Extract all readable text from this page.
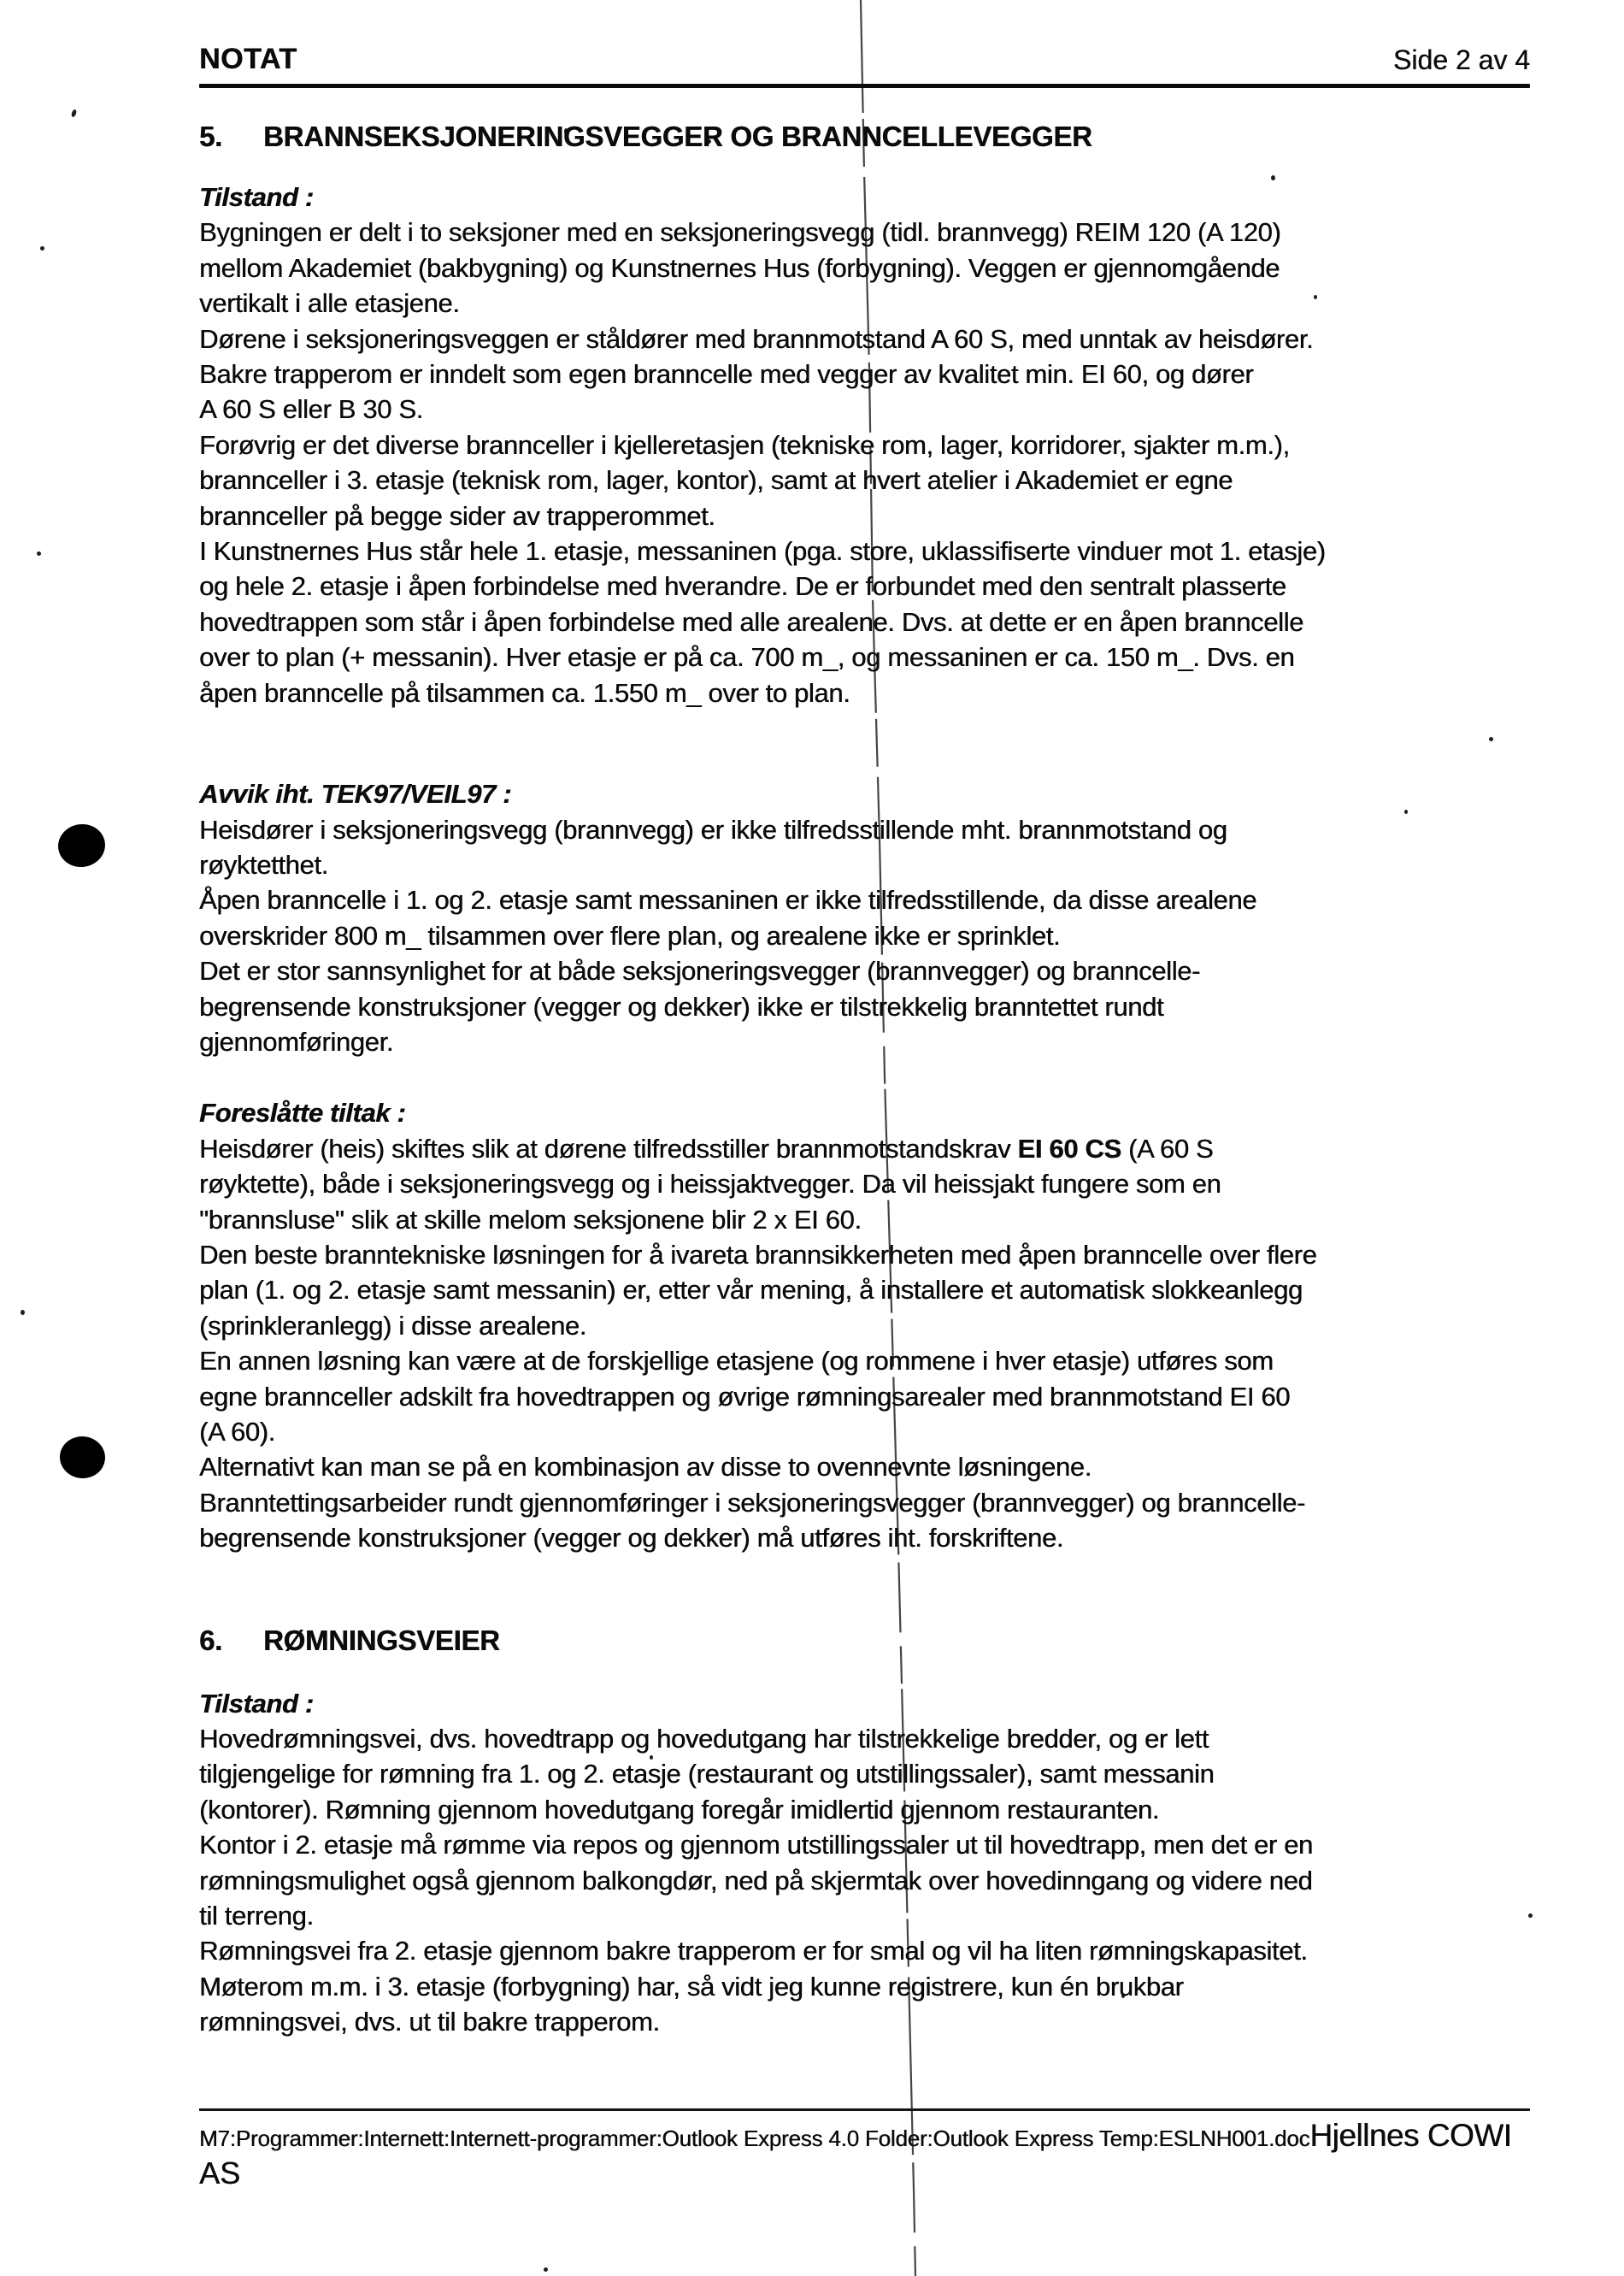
NOTAT	Side 2 av 4
5.	BRANNSEKSJONERINGSVEGGER OG BRANNCELLEVEGGER
Tilstand :
Bygningen er delt i to seksjoner med en seksjoneringsvegg (tidl. brannvegg) REIM 120 (A 120)
mellom Akademiet (bakbygning) og Kunstnernes Hus (forbygning). Veggen er gjennomgående
vertikalt i alle etasjene.
Dørene i seksjoneringsveggen er ståldører med brannmotstand A 60 S, med unntak av heisdører.
Bakre trapperom er inndelt som egen branncelle med vegger av kvalitet min. EI 60, og dører
A 60 S eller B 30 S.
Forøvrig er det diverse brannceller i kjelleretasjen (tekniske rom, lager, korridorer, sjakter m.m.),
brannceller i 3. etasje (teknisk rom, lager, kontor), samt at hvert atelier i Akademiet er egne
brannceller på begge sider av trapperommet.
I Kunstnernes Hus står hele 1. etasje, messaninen (pga. store, uklassifiserte vinduer mot 1. etasje)
og hele 2. etasje i åpen forbindelse med hverandre. De er forbundet med den sentralt plasserte
hovedtrappen som står i åpen forbindelse med alle arealene. Dvs. at dette er en åpen branncelle
over to plan (+ messanin). Hver etasje er på ca. 700 m_, og messaninen er ca. 150 m_. Dvs. en
åpen branncelle på tilsammen ca. 1.550 m_ over to plan.
Avvik iht. TEK97/VEIL97 :
Heisdører i seksjoneringsvegg (brannvegg) er ikke tilfredsstillende mht. brannmotstand og
røyktetthet.
Åpen branncelle i 1. og 2. etasje samt messaninen er ikke tilfredsstillende, da disse arealene
overskrider 800 m_ tilsammen over flere plan, og arealene ikke er sprinklet.
Det er stor sannsynlighet for at både seksjoneringsvegger (brannvegger) og branncelle-
begrensende konstruksjoner (vegger og dekker) ikke er tilstrekkelig branntettet rundt
gjennomføringer.
Foreslåtte tiltak :
Heisdører (heis) skiftes slik at dørene tilfredsstiller brannmotstandskrav EI 60 CS (A 60 S
røyktette), både i seksjoneringsvegg og i heissjaktvegger. Da vil heissjakt fungere som en
"brannsluse" slik at skille melom seksjonene blir 2 x EI 60.
Den beste branntekniske løsningen for å ivareta brannsikkerheten med åpen branncelle over flere
plan (1. og 2. etasje samt messanin) er, etter vår mening, å installere et automatisk slokkeanlegg
(sprinkleranlegg) i disse arealene.
En annen løsning kan være at de forskjellige etasjene (og rommene i hver etasje) utføres som
egne brannceller adskilt fra hovedtrappen og øvrige rømningsarealer med brannmotstand EI 60
(A 60).
Alternativt kan man se på en kombinasjon av disse to ovennevnte løsningene.
Branntettingsarbeider rundt gjennomføringer i seksjoneringsvegger (brannvegger) og branncelle-
begrensende konstruksjoner (vegger og dekker) må utføres iht. forskriftene.
6.	RØMNINGSVEIER
Tilstand :
Hovedrømningsvei, dvs. hovedtrapp og hovedutgang har tilstrekkelige bredder, og er lett
tilgjengelige for rømning fra 1. og 2. etasje (restaurant og utstillingssaler), samt messanin
(kontorer). Rømning gjennom hovedutgang foregår imidlertid gjennom restauranten.
Kontor i 2. etasje må rømme via repos og gjennom utstillingssaler ut til hovedtrapp, men det er en
rømningsmulighet også gjennom balkongdør, ned på skjermtak over hovedinngang og videre ned
til terreng.
Rømningsvei fra 2. etasje gjennom bakre trapperom er for smal og vil ha liten rømningskapasitet.
Møterom m.m. i 3. etasje (forbygning) har, så vidt jeg kunne registrere, kun én brukbar
rømningsvei, dvs. ut til bakre trapperom.
M7:Programmer:Internett:Internett-programmer:Outlook Express 4.0 Folder:Outlook Express Temp:ESLNH001.docHjellnes COWI
AS
